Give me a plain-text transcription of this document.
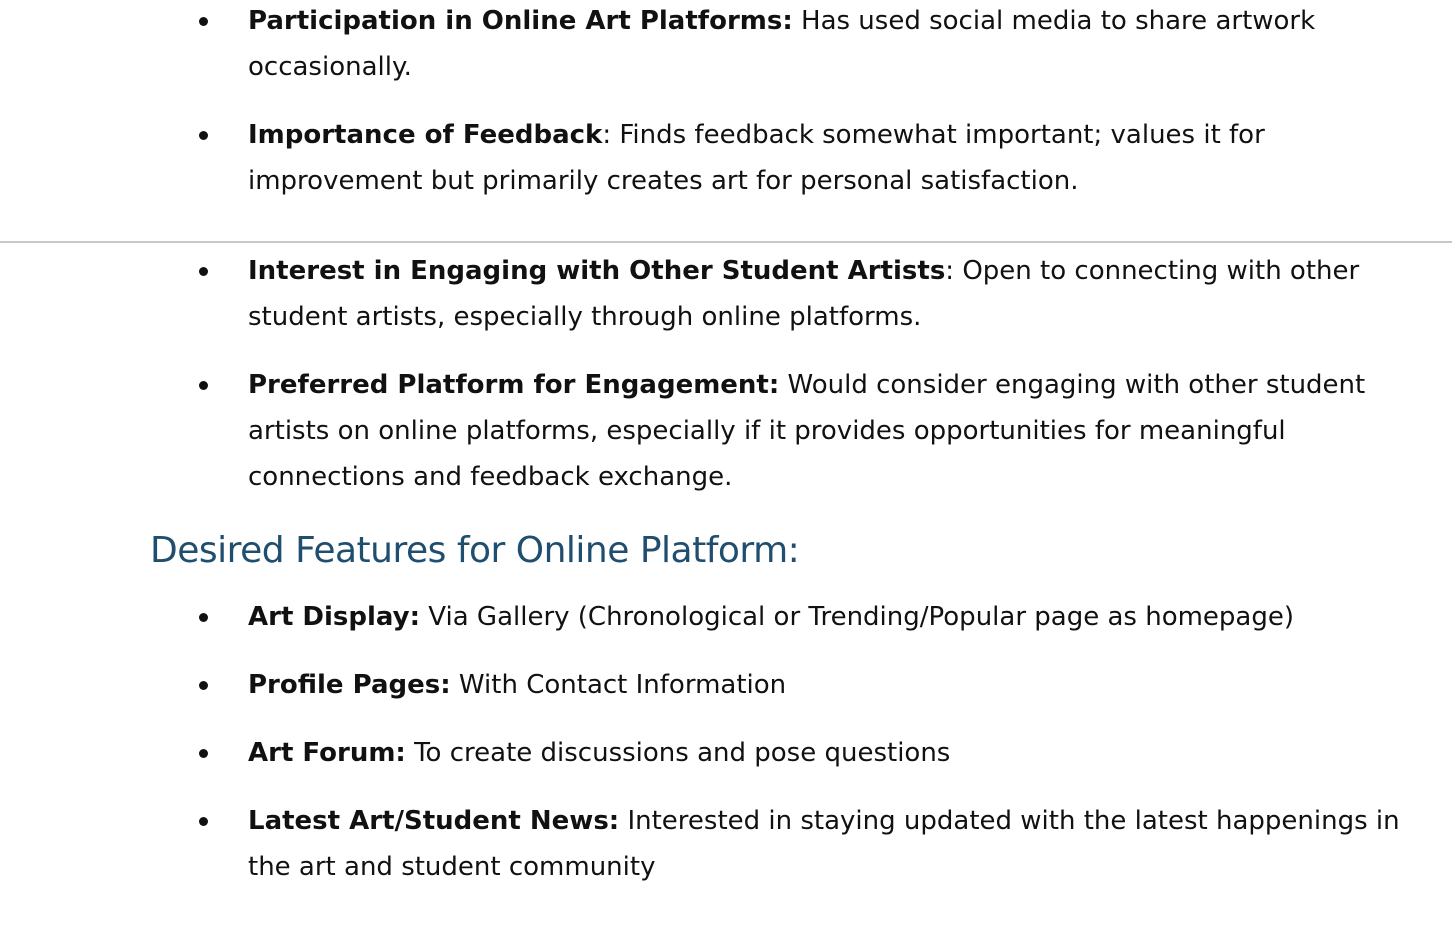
Participation in Online Art Platforms: Has used social media to share artwork occasionally.
Importance of Feedback: Finds feedback somewhat important; values it for improvement but primarily creates art for personal satisfaction.
Interest in Engaging with Other Student Artists: Open to connecting with other student artists, especially through online platforms.
Preferred Platform for Engagement: Would consider engaging with other student artists on online platforms, especially if it provides opportunities for meaningful connections and feedback exchange.
Desired Features for Online Platform:
Art Display: Via Gallery (Chronological or Trending/Popular page as homepage)
Profile Pages: With Contact Information
Art Forum: To create discussions and pose questions
Latest Art/Student News: Interested in staying updated with the latest happenings in the art and student community
